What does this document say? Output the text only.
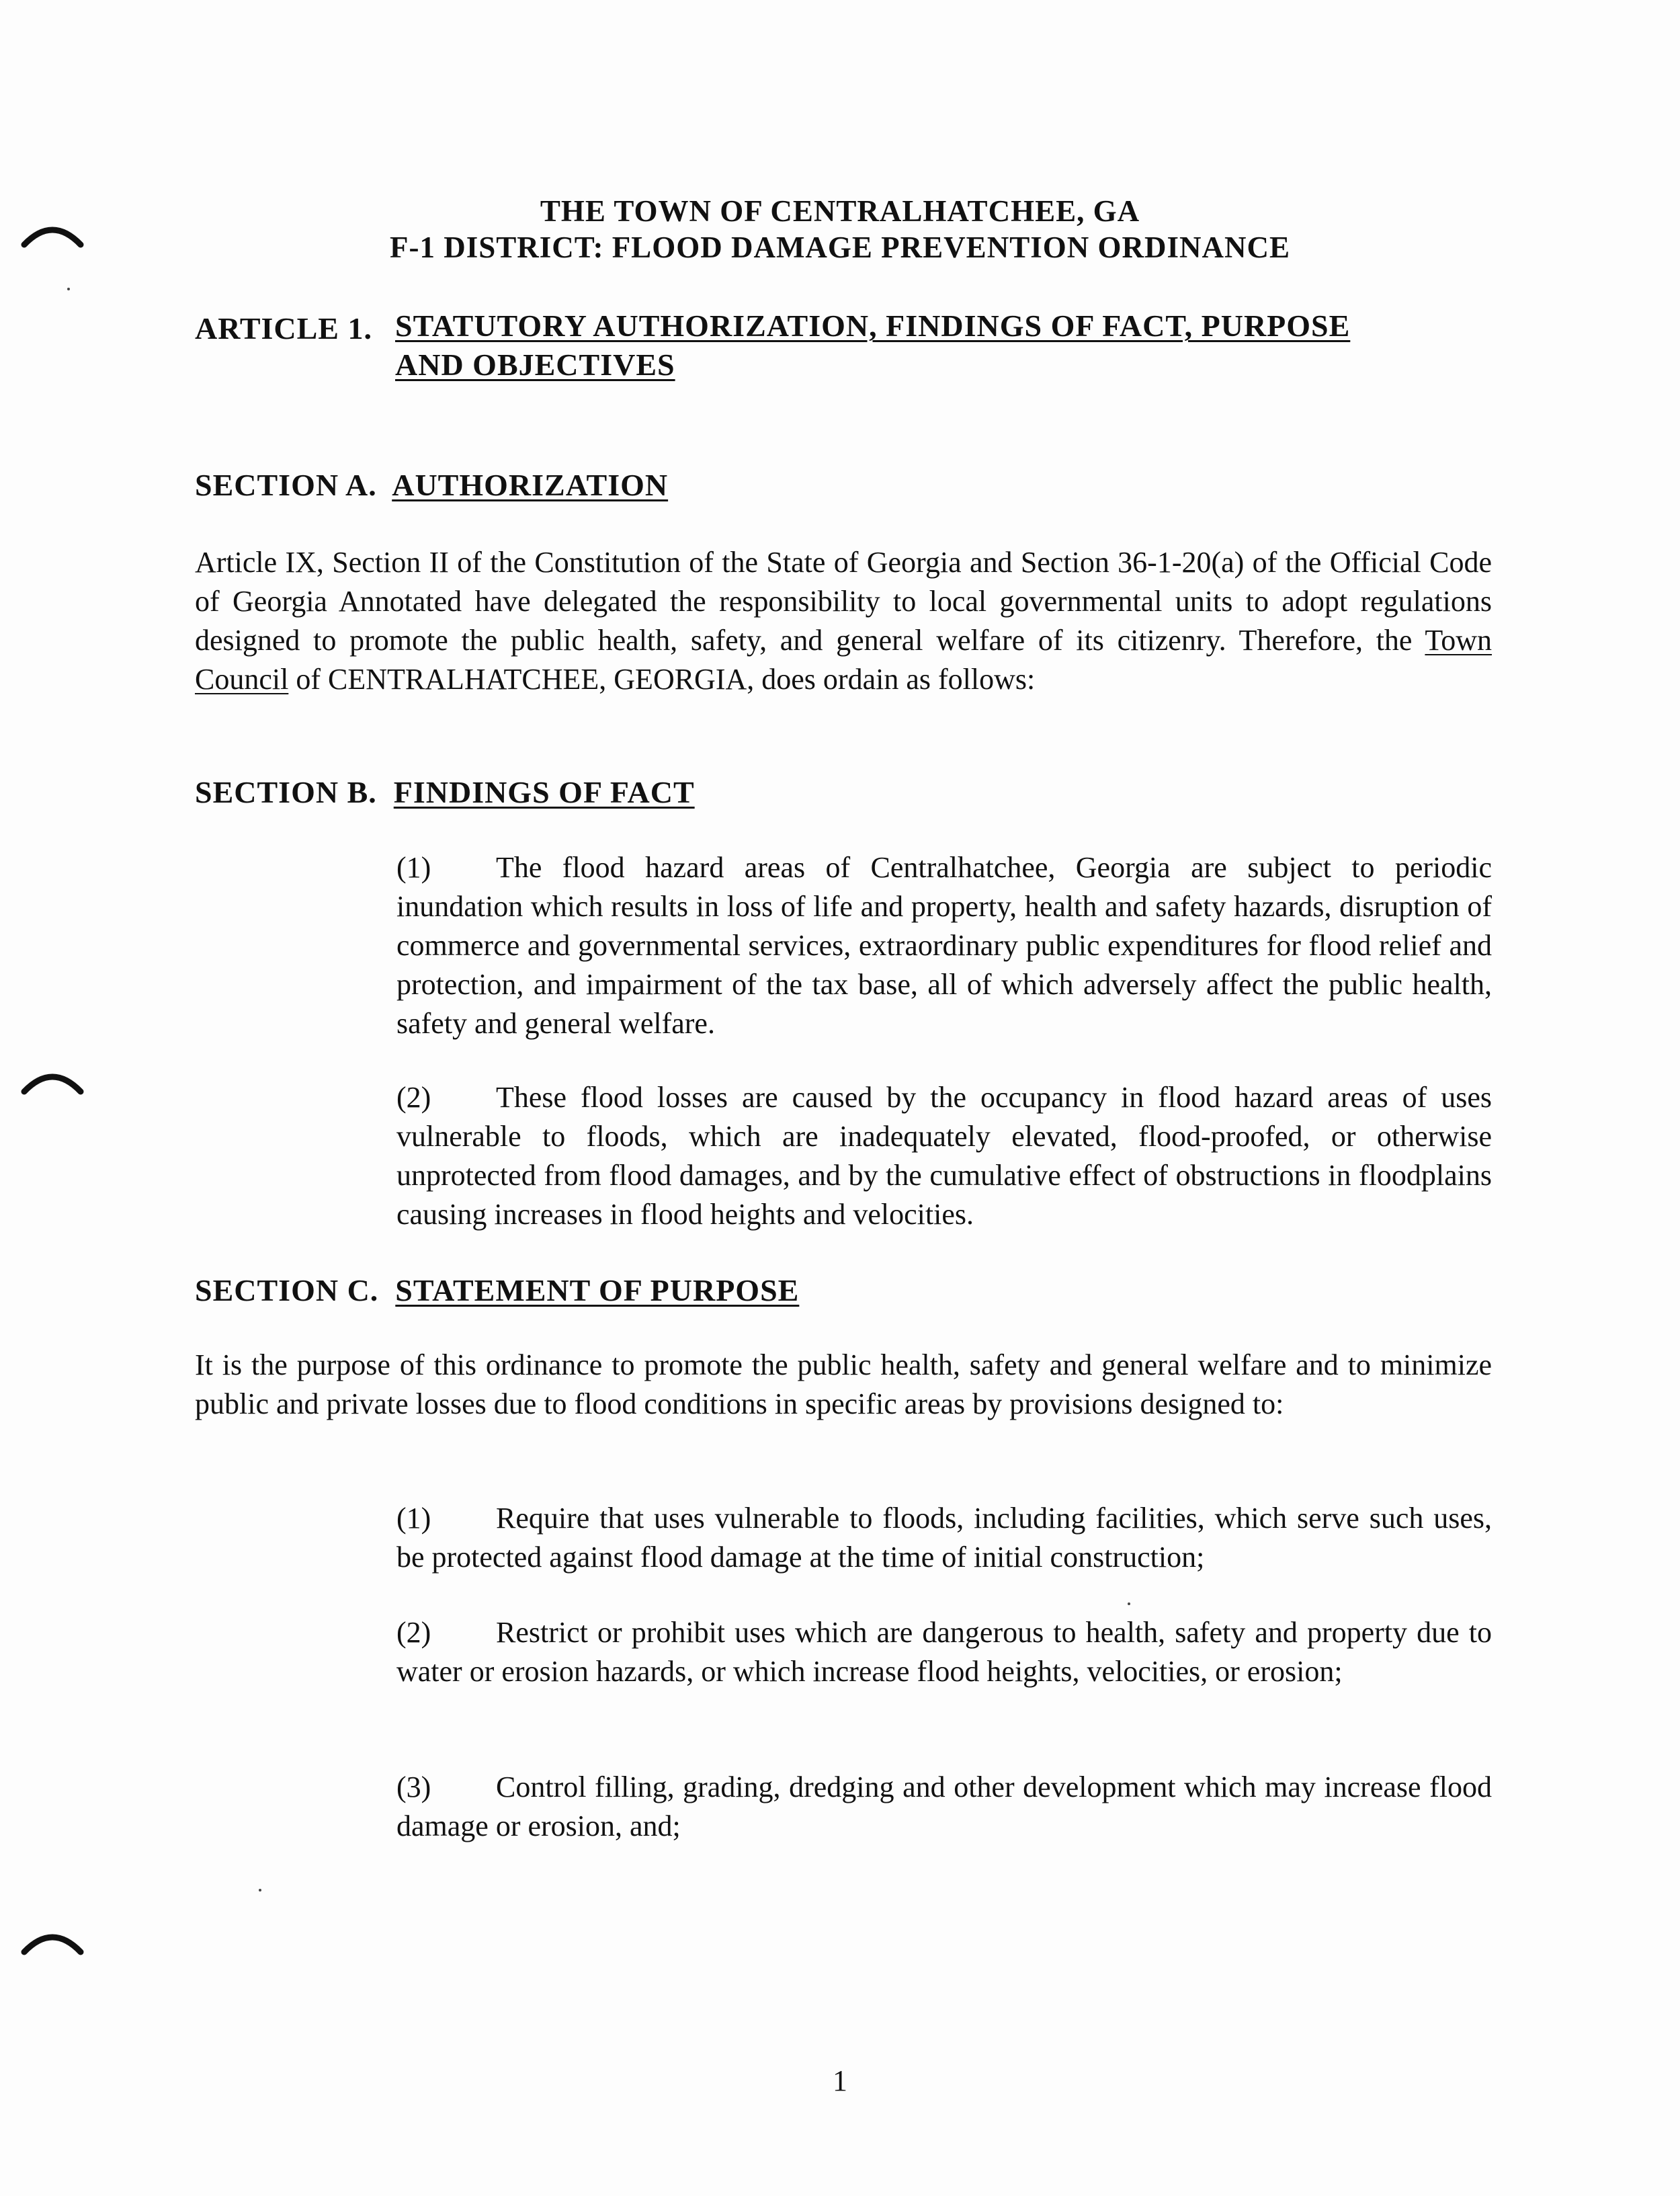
THE TOWN OF CENTRALHATCHEE, GA
F-1 DISTRICT: FLOOD DAMAGE PREVENTION ORDINANCE
ARTICLE 1. STATUTORY AUTHORIZATION, FINDINGS OF FACT, PURPOSE
AND OBJECTIVES
SECTION A. AUTHORIZATION
Article IX, Section II of the Constitution of the State of Georgia and Section 36-1-20(a) of the Official Code of Georgia Annotated have delegated the responsibility to local governmental units to adopt regulations designed to promote the public health, safety, and general welfare of its citizenry. Therefore, the Town Council of CENTRALHATCHEE, GEORGIA, does ordain as follows:
SECTION B. FINDINGS OF FACT
(1) The flood hazard areas of Centralhatchee, Georgia are subject to periodic inundation which results in loss of life and property, health and safety hazards, disruption of commerce and governmental services, extraordinary public expenditures for flood relief and protection, and impairment of the tax base, all of which adversely affect the public health, safety and general welfare.
(2) These flood losses are caused by the occupancy in flood hazard areas of uses vulnerable to floods, which are inadequately elevated, flood-proofed, or otherwise unprotected from flood damages, and by the cumulative effect of obstructions in floodplains causing increases in flood heights and velocities.
SECTION C. STATEMENT OF PURPOSE
It is the purpose of this ordinance to promote the public health, safety and general welfare and to minimize public and private losses due to flood conditions in specific areas by provisions designed to:
(1) Require that uses vulnerable to floods, including facilities, which serve such uses, be protected against flood damage at the time of initial construction;
(2) Restrict or prohibit uses which are dangerous to health, safety and property due to water or erosion hazards, or which increase flood heights, velocities, or erosion;
(3) Control filling, grading, dredging and other development which may increase flood damage or erosion, and;
1
